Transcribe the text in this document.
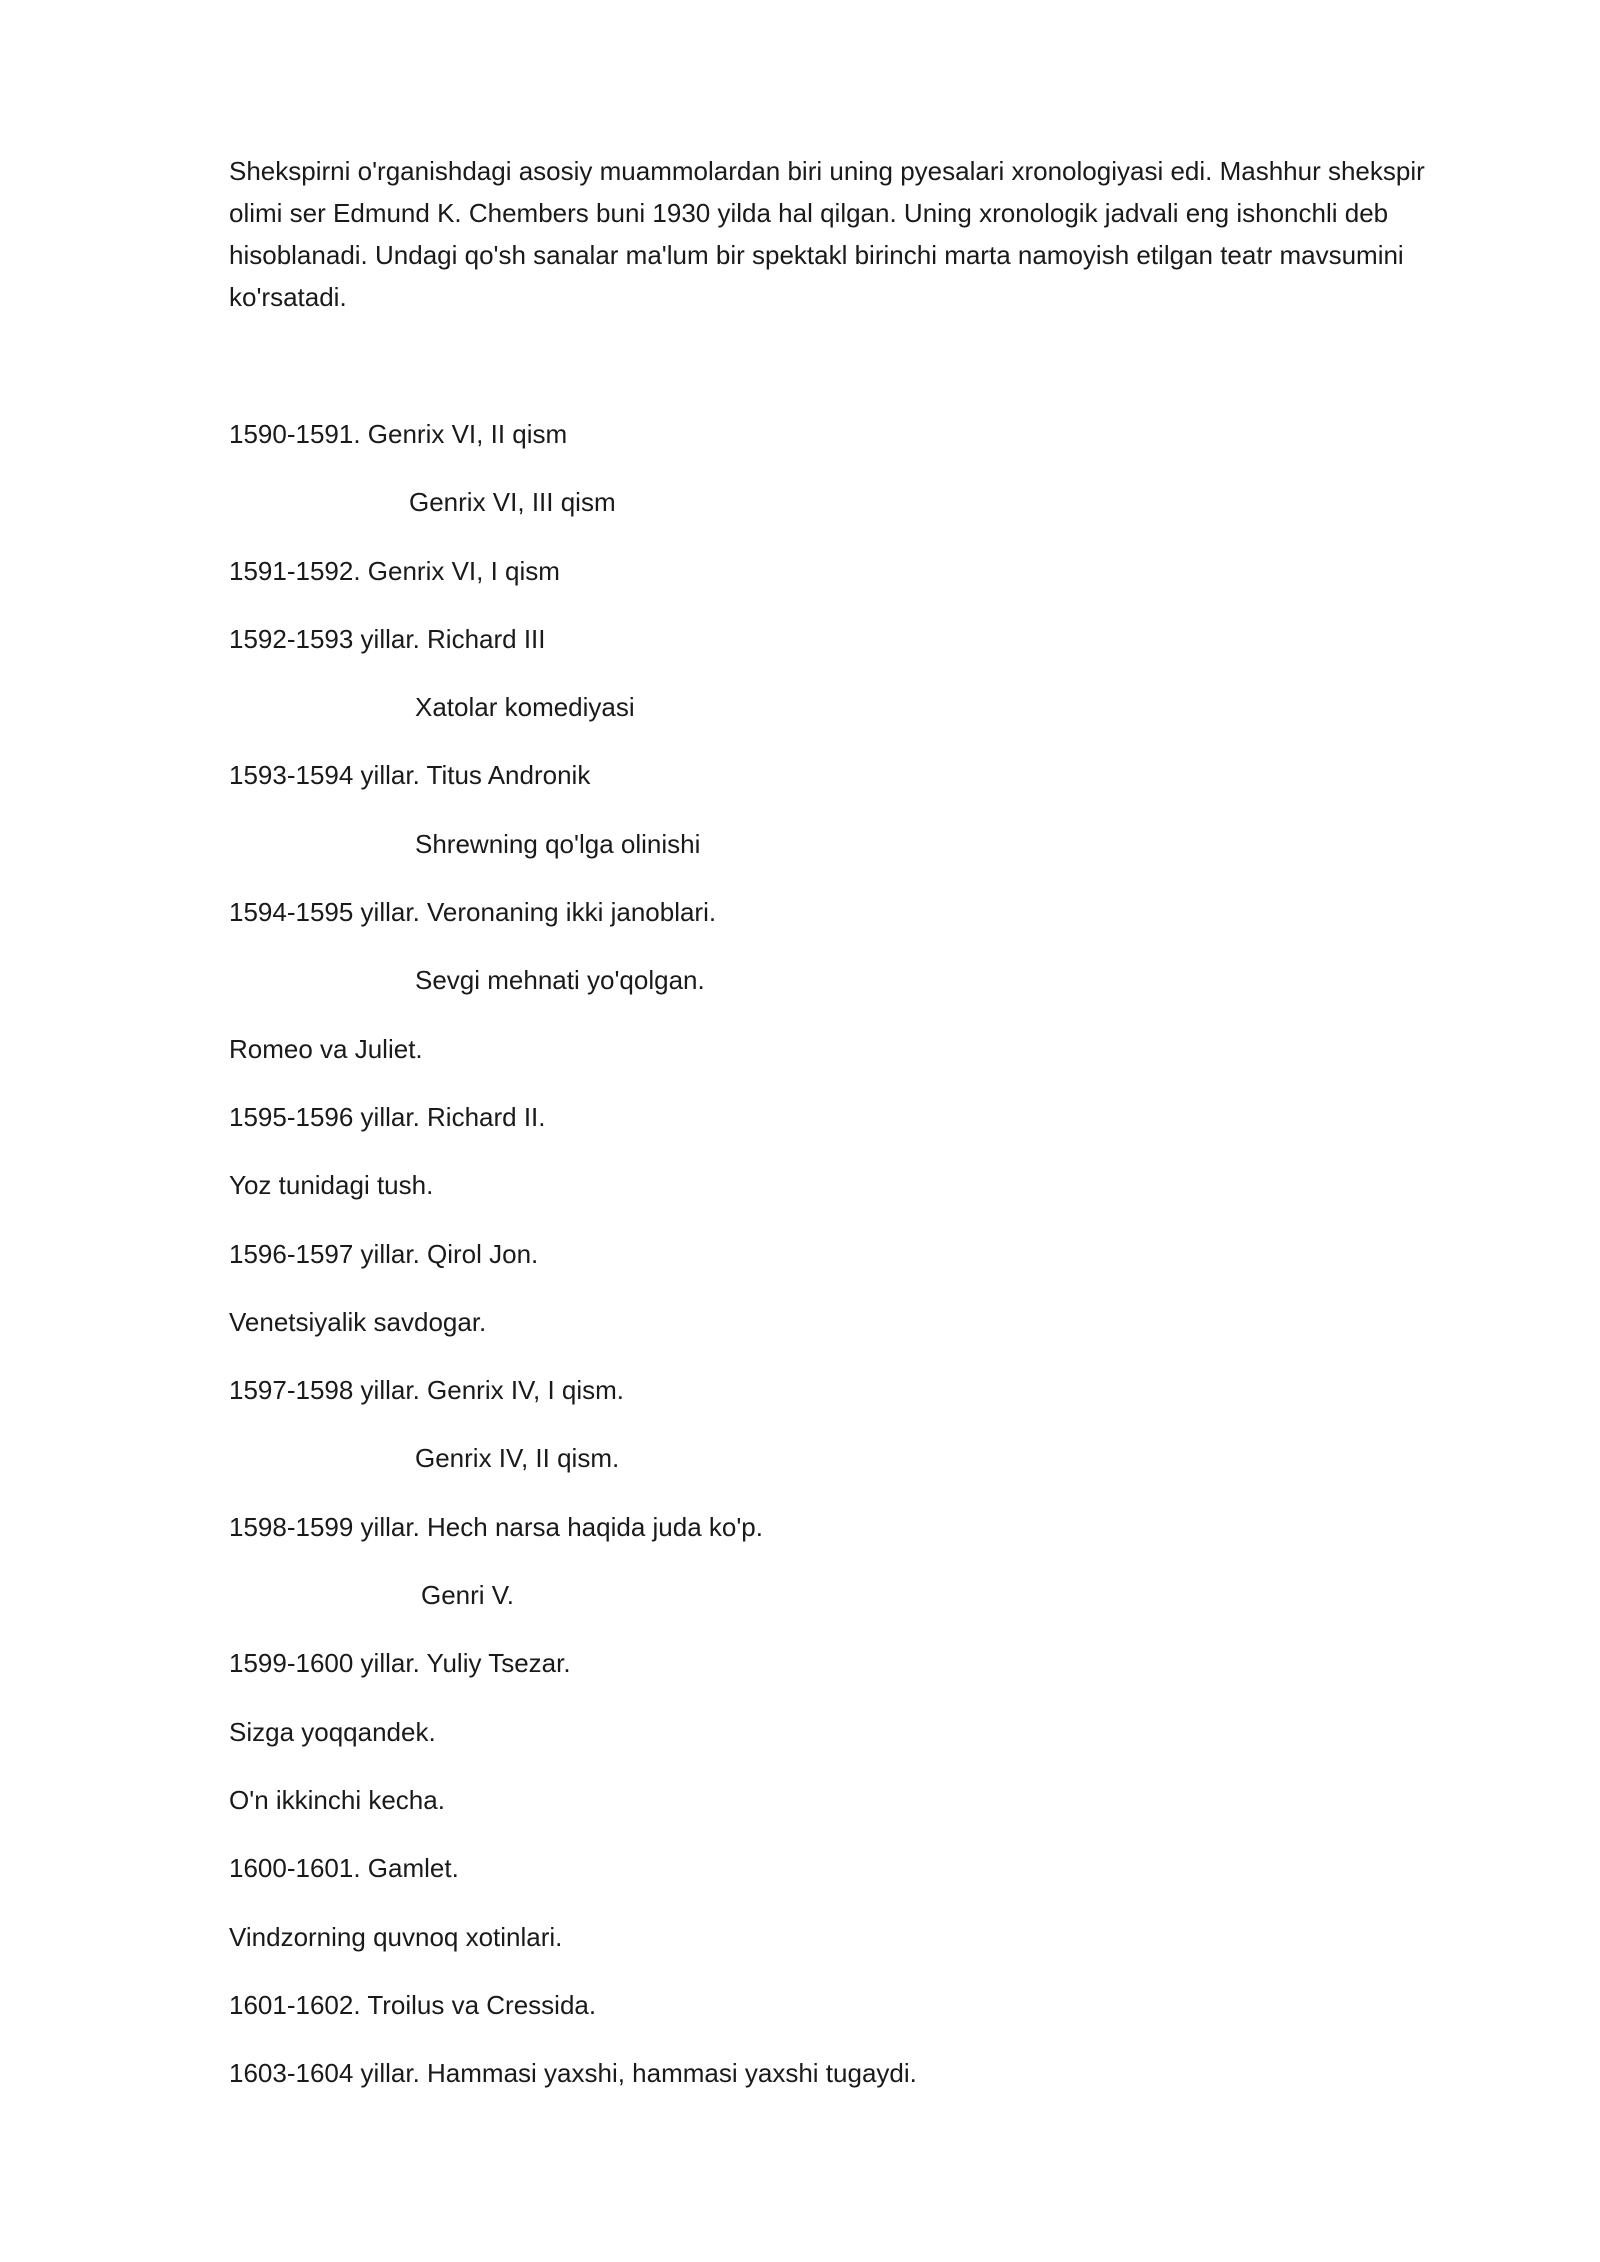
Shekspirni o'rganishdagi asosiy muammolardan biri uning pyesalari xronologiyasi edi. Mashhur shekspir olimi ser Edmund K. Chembers buni 1930 yilda hal qilgan. Uning xronologik jadvali eng ishonchli deb hisoblanadi. Undagi qo'sh sanalar ma'lum bir spektakl birinchi marta namoyish etilgan teatr mavsumini ko'rsatadi.

1590-1591. Genrix VI, II qism
Genrix VI, III qism
1591-1592. Genrix VI, I qism
1592-1593 yillar. Richard III
Xatolar komediyasi
1593-1594 yillar. Titus Andronik
Shrewning qo'lga olinishi
1594-1595 yillar. Veronaning ikki janoblari.
Sevgi mehnati yo'qolgan.
Romeo va Juliet.
1595-1596 yillar. Richard II.
Yoz tunidagi tush.
1596-1597 yillar. Qirol Jon.
Venetsiyalik savdogar.
1597-1598 yillar. Genrix IV, I qism.
Genrix IV, II qism.
1598-1599 yillar. Hech narsa haqida juda ko'p.
Genri V.
1599-1600 yillar. Yuliy Tsezar.
Sizga yoqqandek.
O'n ikkinchi kecha.
1600-1601. Gamlet.
Vindzorning quvnoq xotinlari.
1601-1602. Troilus va Cressida.
1603-1604 yillar. Hammasi yaxshi, hammasi yaxshi tugaydi.
